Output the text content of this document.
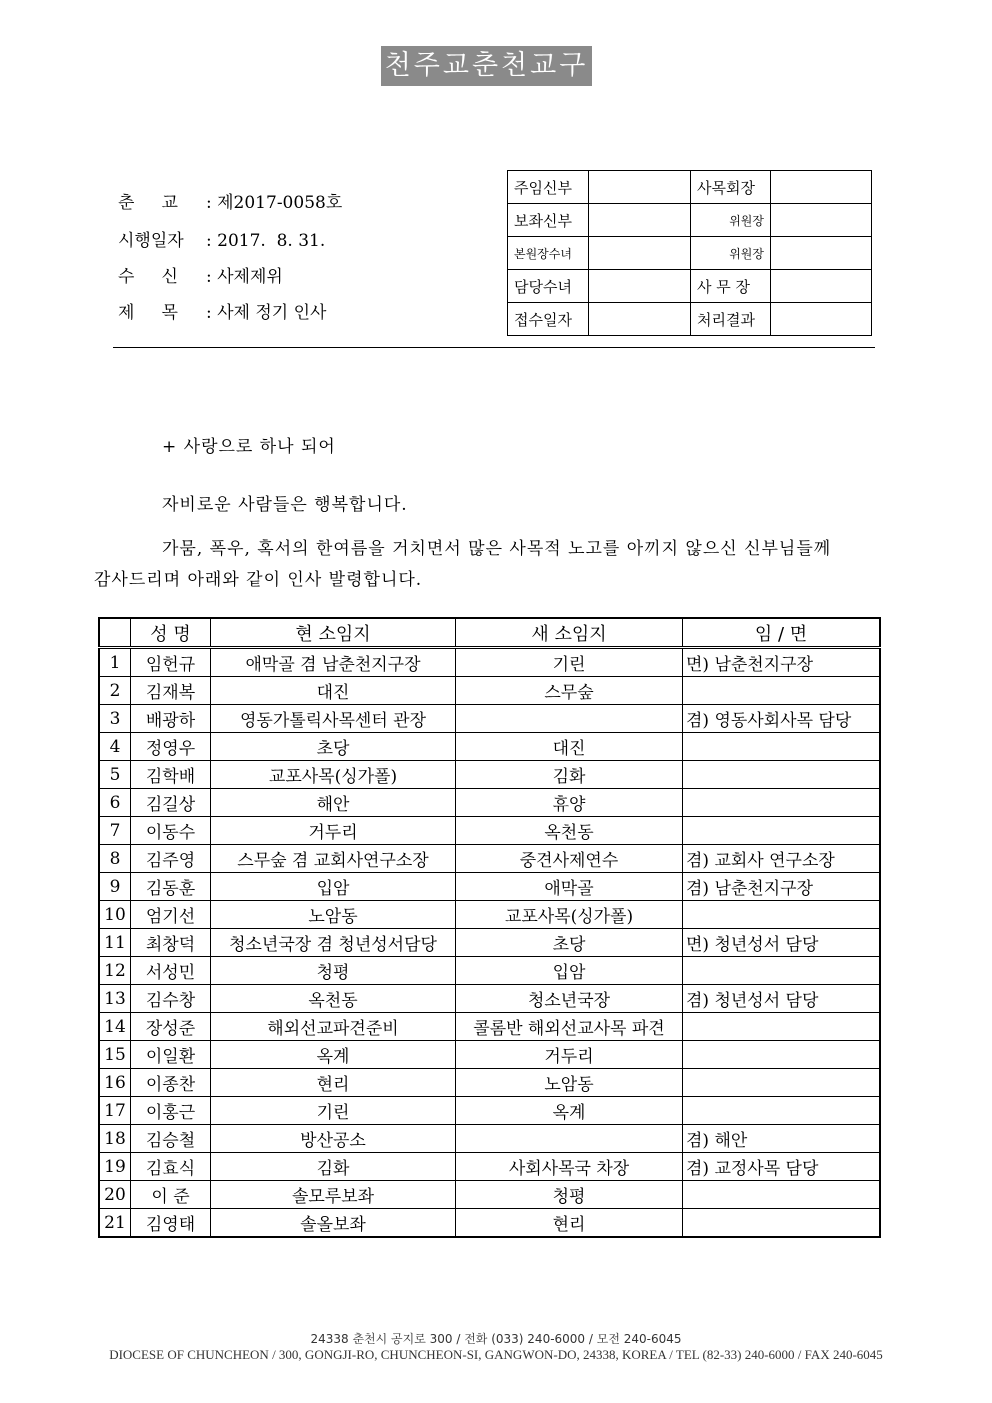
천주교춘천교구
춘     교 : 제2017-0058호
시행일자 : 2017.  8. 31.
수     신 : 사제제위
제     목 : 사제 정기 인사
주임신부		사목회장	
보좌신부		위원장	
본원장수녀		위원장	
담당수녀		사 무 장	
접수일자		처리결과	
+ 사랑으로 하나 되어
자비로운 사람들은 행복합니다.
가뭄, 폭우, 혹서의 한여름을 거치면서 많은 사목적 노고를 아끼지 않으신 신부님들께
감사드리며 아래와 같이 인사 발령합니다.
	성 명	현 소임지	새 소임지	임 / 면
1	임헌규	애막골 겸 남춘천지구장	기린	면) 남춘천지구장
2	김재복	대진	스무숲	
3	배광하	영동가톨릭사목센터 관장		겸) 영동사회사목 담당
4	정영우	초당	대진	
5	김학배	교포사목(싱가폴)	김화	
6	김길상	해안	휴양	
7	이동수	거두리	옥천동	
8	김주영	스무숲 겸 교회사연구소장	중견사제연수	겸) 교회사 연구소장
9	김동훈	입암	애막골	겸) 남춘천지구장
10	엄기선	노암동	교포사목(싱가폴)	
11	최창덕	청소년국장 겸 청년성서담당	초당	면) 청년성서 담당
12	서성민	청평	입암	
13	김수창	옥천동	청소년국장	겸) 청년성서 담당
14	장성준	해외선교파견준비	콜롬반 해외선교사목 파견	
15	이일환	옥계	거두리	
16	이종찬	현리	노암동	
17	이홍근	기린	옥계	
18	김승철	방산공소		겸) 해안
19	김효식	김화	사회사목국 차장	겸) 교정사목 담당
20	이 준	솔모루보좌	청평	
21	김영태	솔올보좌	현리	
24338 춘천시 공지로 300 / 전화 (033) 240-6000 / 모전 240-6045
DIOCESE OF CHUNCHEON / 300, GONGJI-RO, CHUNCHEON-SI, GANGWON-DO, 24338, KOREA / TEL (82-33) 240-6000 / FAX 240-6045
